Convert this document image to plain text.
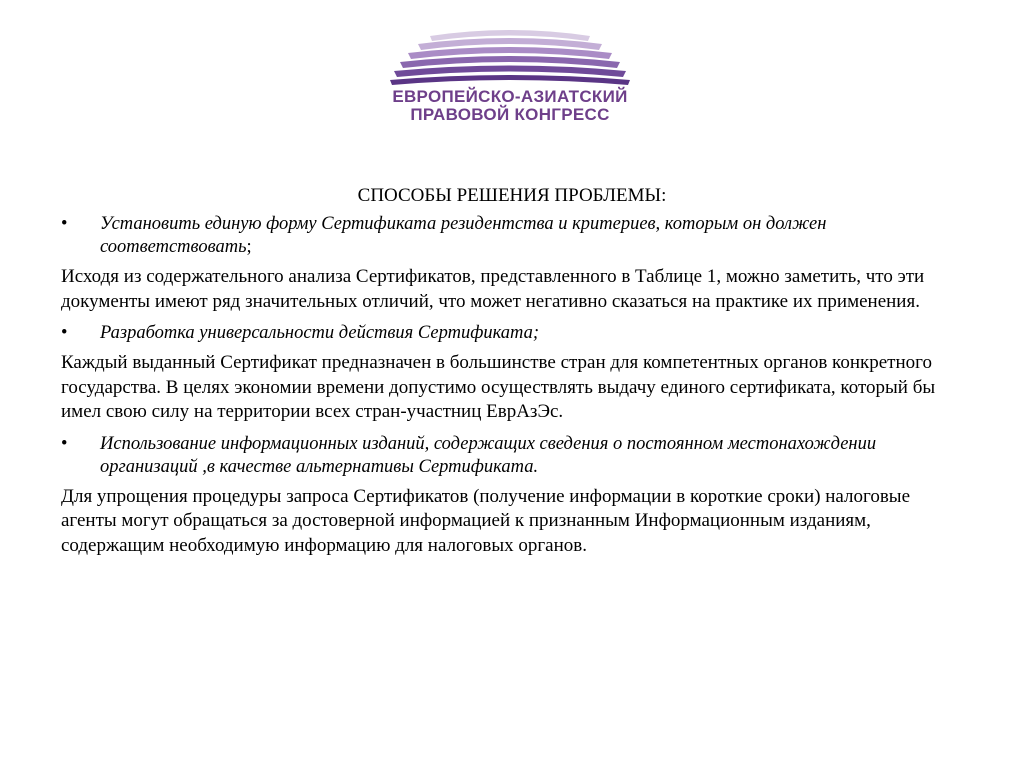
ЕВРОПЕЙСКО-АЗИАТСКИЙ
ПРАВОВОЙ КОНГРЕСС
СПОСОБЫ РЕШЕНИЯ ПРОБЛЕМЫ:
• Установить единую форму Сертификата резидентства и критериев, которым он должен соответствовать;

Исходя из содержательного анализа Сертификатов, представленного в Таблице 1, можно заметить, что эти документы имеют ряд значительных отличий, что может негативно сказаться на практике их применения.

• Разработка универсальности действия Сертификата;

Каждый выданный Сертификат предназначен в большинстве стран для компетентных органов конкретного государства. В целях экономии времени допустимо осуществлять выдачу единого сертификата, который бы имел свою силу на территории всех стран-участниц ЕврАзЭс.

• Использование информационных изданий, содержащих сведения о постоянном местонахождении организаций ,в качестве альтернативы Сертификата.

Для упрощения процедуры запроса Сертификатов (получение информации в короткие сроки) налоговые агенты могут обращаться за достоверной информацией к признанным Информационным изданиям, содержащим необходимую информацию для налоговых органов.
